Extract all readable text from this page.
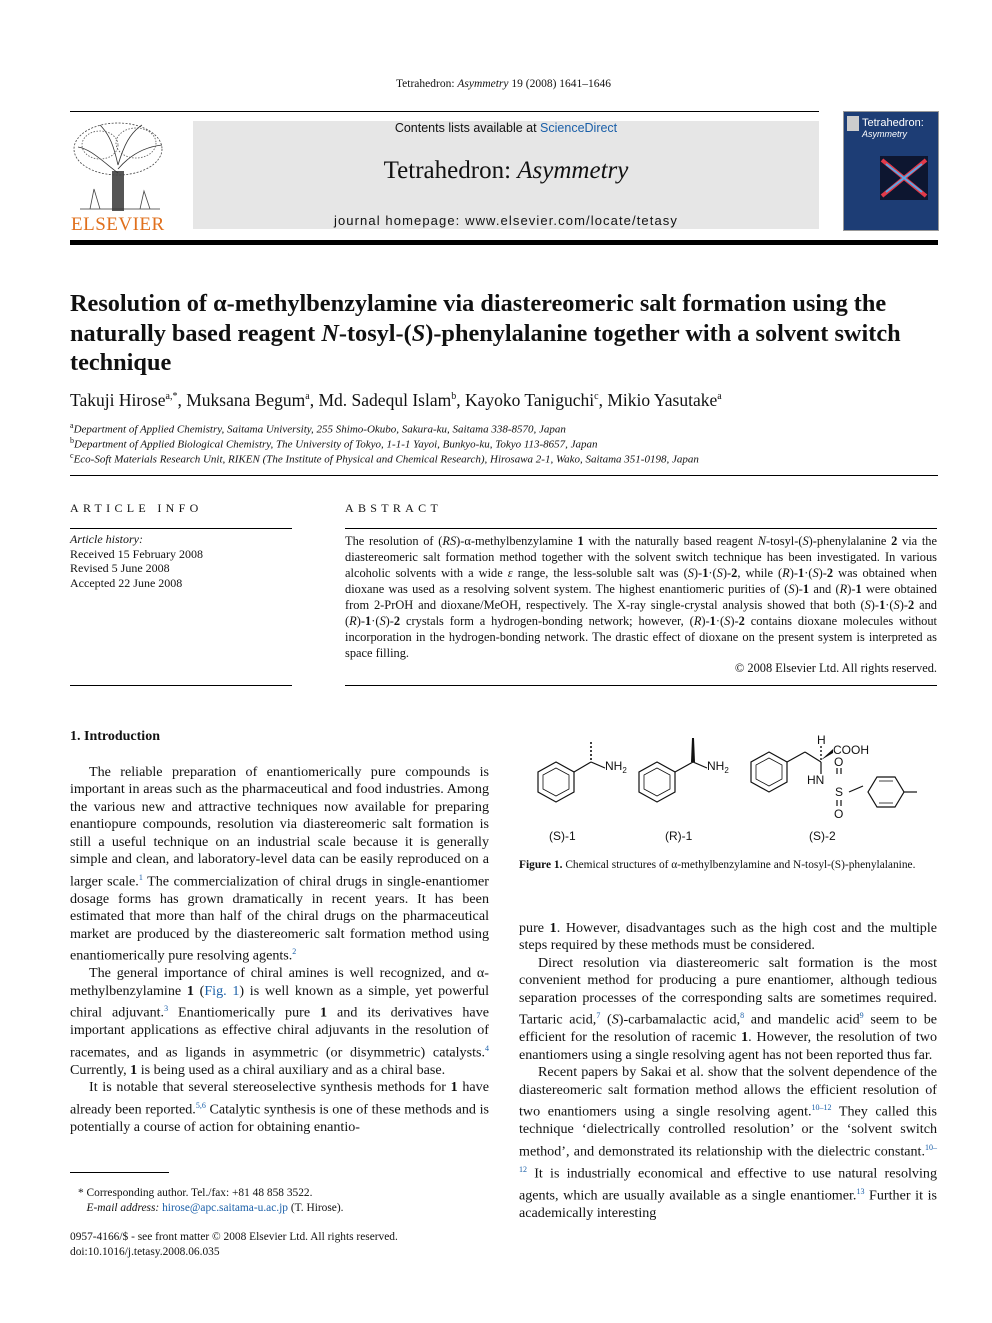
Tetrahedron: Asymmetry 19 (2008) 1641–1646
ELSEVIER
Contents lists available at ScienceDirect
Tetrahedron: Asymmetry
journal homepage: www.elsevier.com/locate/tetasy
Tetrahedron:
Asymmetry
Resolution of α-methylbenzylamine via diastereomeric salt formation using the naturally based reagent N-tosyl-(S)-phenylalanine together with a solvent switch technique
Takuji Hirose$^{a,*}$, Muksana Begum$^a$, Md. Sadequl Islam$^b$, Kayoko Taniguchi$^c$, Mikio Yasutake$^a$
$^a$Department of Applied Chemistry, Saitama University, 255 Shimo-Okubo, Sakura-ku, Saitama 338-8570, Japan
$^b$Department of Applied Biological Chemistry, The University of Tokyo, 1-1-1 Yayoi, Bunkyo-ku, Tokyo 113-8657, Japan
$^c$Eco-Soft Materials Research Unit, RIKEN (The Institute of Physical and Chemical Research), Hirosawa 2-1, Wako, Saitama 351-0198, Japan
ARTICLE INFO
Article history:
Received 15 February 2008
Revised 5 June 2008
Accepted 22 June 2008
ABSTRACT
The resolution of (RS)-α-methylbenzylamine 1 with the naturally based reagent N-tosyl-(S)-phenylalanine 2 via the diastereomeric salt formation method together with the solvent switch technique has been investigated. In various alcoholic solvents with a wide ε range, the less-soluble salt was (S)-1·(S)-2, while (R)-1·(S)-2 was obtained when dioxane was used as a resolving solvent system. The highest enantiomeric purities of (S)-1 and (R)-1 were obtained from 2-PrOH and dioxane/MeOH, respectively. The X-ray single-crystal analysis showed that both (S)-1·(S)-2 and (R)-1·(S)-2 crystals form a hydrogen-bonding network; however, (R)-1·(S)-2 contains dioxane molecules without incorporation in the hydrogen-bonding network. The drastic effect of dioxane on the present system is interpreted as space filling.
© 2008 Elsevier Ltd. All rights reserved.
1. Introduction

The reliable preparation of enantiomerically pure compounds is important in areas such as the pharmaceutical and food industries. Among the various new and attractive techniques now available for preparing enantiopure compounds, resolution via diastereomeric salt formation is still a useful technique on an industrial scale because it is generally simple and clean, and laboratory-level data can be easily reproduced on a larger scale.$^1$ The commercialization of chiral drugs in single-enantiomer dosage forms has grown dramatically in recent years. It has been estimated that more than half of the chiral drugs on the pharmaceutical market are produced by the diastereomeric salt formation method using enantiomerically pure resolving agents.$^2$

The general importance of chiral amines is well recognized, and α-methylbenzylamine 1 (Fig. 1) is well known as a simple, yet powerful chiral adjuvant.$^3$ Enantiomerically pure 1 and its derivatives have important applications as effective chiral adjuvants in the resolution of racemates, and as ligands in asymmetric (or disymmetric) catalysts.$^4$ Currently, 1 is being used as a chiral auxiliary and as a chiral base.

It is notable that several stereoselective synthesis methods for 1 have already been reported.$^{5,6}$ Catalytic synthesis is one of these methods and is potentially a course of action for obtaining enantio-

* Corresponding author. Tel./fax: +81 48 858 3522.
E-mail address: hirose@apc.saitama-u.ac.jp (T. Hirose).
0957-4166/$ - see front matter © 2008 Elsevier Ltd. All rights reserved.
doi:10.1016/j.tetasy.2008.06.035
$NH_2$	$NH_2$
H
COOH
HN
O
S
O
(S)-1	(R)-1	(S)-2
Figure 1. Chemical structures of α-methylbenzylamine and N-tosyl-(S)-phenylalanine.

pure 1. However, disadvantages such as the high cost and the multiple steps required by these methods must be considered.

Direct resolution via diastereomeric salt formation is the most convenient method for producing a pure enantiomer, although tedious separation processes of the corresponding salts are sometimes required. Tartaric acid,$^7$ (S)-carbamalactic acid,$^8$ and mandelic acid$^9$ seem to be efficient for the resolution of racemic 1. However, the resolution of two enantiomers using a single resolving agent has not been reported thus far.

Recent papers by Sakai et al. show that the solvent dependence of the diastereomeric salt formation method allows the efficient resolution of two enantiomers using a single resolving agent.$^{10-12}$ They called this technique ‘dielectrically controlled resolution’ or the ‘solvent switch method’, and demonstrated its relationship with the dielectric constant.$^{10-12}$ It is industrially economical and effective to use natural resolving agents, which are usually available as a single enantiomer.$^{13}$ Further it is academically interesting
